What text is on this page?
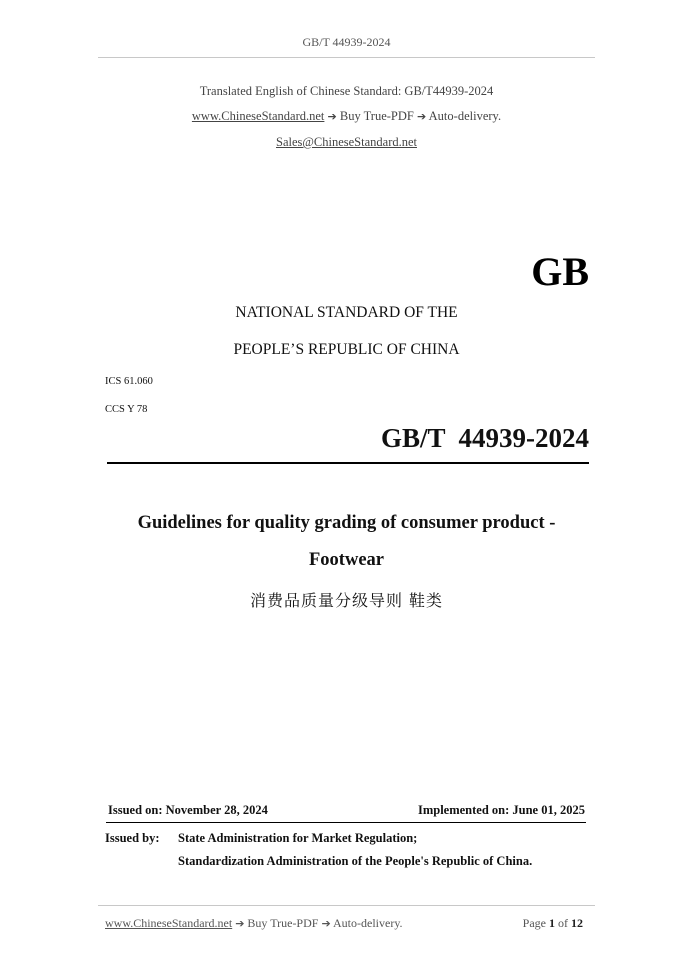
GB/T 44939-2024
Translated English of Chinese Standard: GB/T44939-2024
www.ChineseStandard.net ➔ Buy True-PDF ➔ Auto-delivery.
Sales@ChineseStandard.net
GB
NATIONAL STANDARD OF THE
PEOPLE’S REPUBLIC OF CHINA
ICS 61.060
CCS Y 78
GB/T  44939-2024
Guidelines for quality grading of consumer product -
Footwear
消费品质量分级导则 鞋类
Issued on: November 28, 2024	Implemented on: June 01, 2025
Issued by: State Administration for Market Regulation;
Standardization Administration of the People's Republic of China.
www.ChineseStandard.net ➔ Buy True-PDF ➔ Auto-delivery.	Page 1 of 12
